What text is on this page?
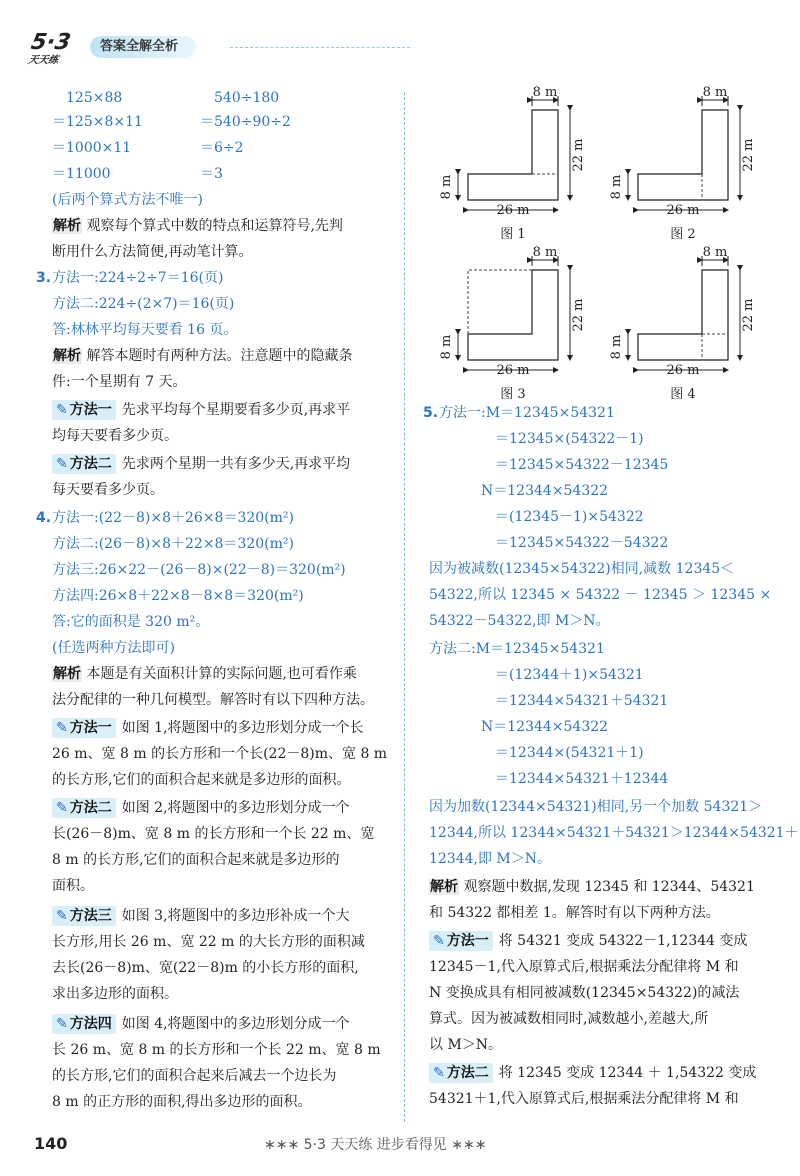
5·3
天天练
答案全解全析
125×88	540÷180
＝125×8×11	＝540÷90÷2
＝1000×11	＝6÷2
＝11000	＝3
(后两个算式方法不唯一)
解析 观察每个算式中数的特点和运算符号,先判
断用什么方法简便,再动笔计算。
3. 方法一:224÷2÷7＝16(页)
方法二:224÷(2×7)＝16(页)
答:林林平均每天要看 16 页。
解析 解答本题时有两种方法。注意题中的隐藏条
件:一个星期有 7 天。
✎ 方法一 先求平均每个星期要看多少页,再求平
均每天要看多少页。
✎ 方法二 先求两个星期一共有多少天,再求平均
每天要看多少页。
4. 方法一:(22－8)×8＋26×8＝320(m²)
方法二:(26－8)×8＋22×8＝320(m²)
方法三:26×22－(26－8)×(22－8)＝320(m²)
方法四:26×8＋22×8－8×8＝320(m²)
答:它的面积是 320 m²。
(任选两种方法即可)
解析 本题是有关面积计算的实际问题,也可看作乘
法分配律的一种几何模型。解答时有以下四种方法。
✎ 方法一 如图 1,将题图中的多边形划分成一个长
26 m、宽 8 m 的长方形和一个长(22－8)m、宽 8 m
的长方形,它们的面积合起来就是多边形的面积。
✎ 方法二 如图 2,将题图中的多边形划分成一个
长(26－8)m、宽 8 m 的长方形和一个长 22 m、宽
8 m 的长方形,它们的面积合起来就是多边形的
面积。
✎ 方法三 如图 3,将题图中的多边形补成一个大
长方形,用长 26 m、宽 22 m 的大长方形的面积减
去长(26－8)m、宽(22－8)m 的小长方形的面积,
求出多边形的面积。
✎ 方法四 如图 4,将题图中的多边形划分成一个
长 26 m、宽 8 m 的长方形和一个长 22 m、宽 8 m
的长方形,它们的面积合起来后减去一个边长为
8 m 的正方形的面积,得出多边形的面积。
8 m
22 m
8 m
26 m
图 1
8 m
22 m
8 m
26 m
图 2
8 m
22 m
8 m
26 m
图 3
8 m
22 m
8 m
26 m
图 4
5. 方法一:M＝12345×54321
＝12345×(54322－1)
＝12345×54322－12345
N＝12344×54322
＝(12345－1)×54322
＝12345×54322－54322
因为被减数(12345×54322)相同,减数 12345＜
54322,所以 12345 × 54322 － 12345 ＞ 12345 ×
54322－54322,即 M＞N。
方法二:M＝12345×54321
＝(12344＋1)×54321
＝12344×54321＋54321
N＝12344×54322
＝12344×(54321＋1)
＝12344×54321＋12344
因为加数(12344×54321)相同,另一个加数 54321＞
12344,所以 12344×54321＋54321＞12344×54321＋
12344,即 M＞N。
解析 观察题中数据,发现 12345 和 12344、54321
和 54322 都相差 1。解答时有以下两种方法。
✎ 方法一 将 54321 变成 54322－1,12344 变成
12345－1,代入原算式后,根据乘法分配律将 M 和
N 变换成具有相同被减数(12345×54322)的减法
算式。因为被减数相同时,减数越小,差越大,所
以 M＞N。
✎ 方法二 将 12345 变成 12344 ＋ 1,54322 变成
54321＋1,代入原算式后,根据乘法分配律将 M 和
140	∗∗∗ 5·3 天天练 进步看得见 ∗∗∗
